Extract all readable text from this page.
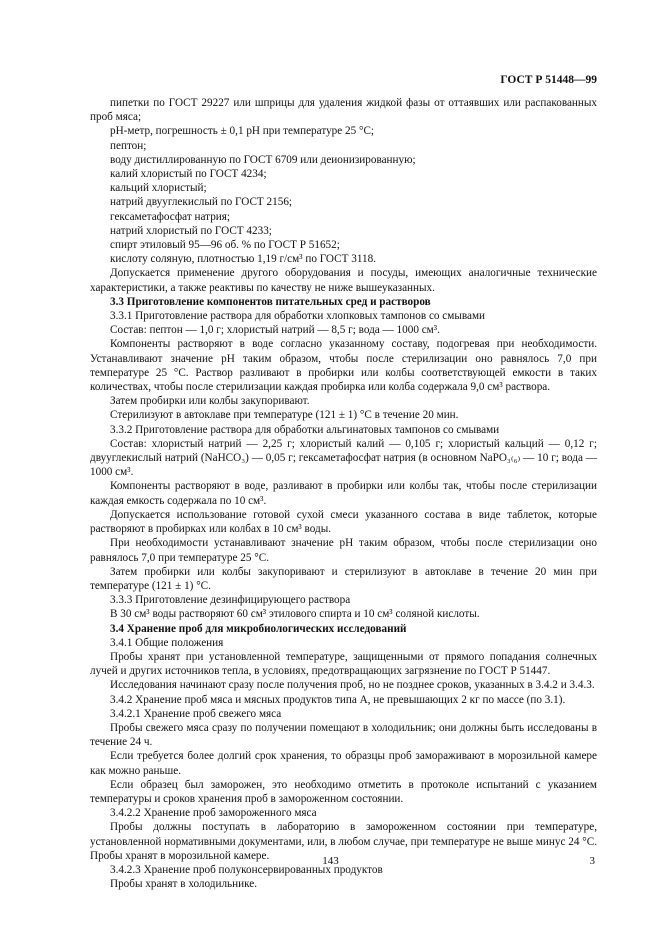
ГОСТ Р 51448—99

пипетки по ГОСТ 29227 или шприцы для удаления жидкой фазы от оттаявших или распакованных проб мяса;

pH-метр, погрешность ± 0,1 pH при температуре 25 °С;

пептон;

воду дистиллированную по ГОСТ 6709 или деионизированную;

калий хлористый по ГОСТ 4234;

кальций хлористый;

натрий двууглекислый по ГОСТ 2156;

гексаметафосфат натрия;

натрий хлористый по ГОСТ 4233;

спирт этиловый 95—96 об. % по ГОСТ Р 51652;

кислоту соляную, плотностью 1,19 г/см³ по ГОСТ 3118.

Допускается применение другого оборудования и посуды, имеющих аналогичные технические характеристики, а также реактивы по качеству не ниже вышеуказанных.

3.3 Приготовление компонентов питательных сред и растворов

3.3.1 Приготовление раствора для обработки хлопковых тампонов со смывами

Состав: пептон — 1,0 г; хлористый натрий — 8,5 г; вода — 1000 см³.

Компоненты растворяют в воде согласно указанному составу, подогревая при необходимости. Устанавливают значение pH таким образом, чтобы после стерилизации оно равнялось 7,0 при температуре 25 °С. Раствор разливают в пробирки или колбы соответствующей емкости в таких количествах, чтобы после стерилизации каждая пробирка или колба содержала 9,0 см³ раствора.

Затем пробирки или колбы закупоривают.

Стерилизуют в автоклаве при температуре (121 ± 1) °С в течение 20 мин.

3.3.2 Приготовление раствора для обработки альгинатовых тампонов со смывами

Состав: хлористый натрий — 2,25 г; хлористый калий — 0,105 г; хлористый кальций — 0,12 г; двууглекислый натрий (NaHCO₃) — 0,05 г; гексаметафосфат натрия (в основном NaPO₃₍₆₎ — 10 г; вода — 1000 см³.

Компоненты растворяют в воде, разливают в пробирки или колбы так, чтобы после стерилизации каждая емкость содержала по 10 см³.

Допускается использование готовой сухой смеси указанного состава в виде таблеток, которые растворяют в пробирках или колбах в 10 см³ воды.

При необходимости устанавливают значение pH таким образом, чтобы после стерилизации оно равнялось 7,0 при температуре 25 °С.

Затем пробирки или колбы закупоривают и стерилизуют в автоклаве в течение 20 мин при температуре (121 ± 1) °С.

3.3.3 Приготовление дезинфицирующего раствора

В 30 см³ воды растворяют 60 см³ этилового спирта и 10 см³ соляной кислоты.

3.4 Хранение проб для микробиологических исследований

3.4.1 Общие положения

Пробы хранят при установленной температуре, защищенными от прямого попадания солнечных лучей и других источников тепла, в условиях, предотвращающих загрязнение по ГОСТ Р 51447.

Исследования начинают сразу после получения проб, но не позднее сроков, указанных в 3.4.2 и 3.4.3.

3.4.2 Хранение проб мяса и мясных продуктов типа А, не превышающих 2 кг по массе (по 3.1).

3.4.2.1 Хранение проб свежего мяса

Пробы свежего мяса сразу по получении помещают в холодильник; они должны быть исследованы в течение 24 ч.

Если требуется более долгий срок хранения, то образцы проб замораживают в морозильной камере как можно раньше.

Если образец был заморожен, это необходимо отметить в протоколе испытаний с указанием температуры и сроков хранения проб в замороженном состоянии.

3.4.2.2 Хранение проб замороженного мяса

Пробы должны поступать в лабораторию в замороженном состоянии при температуре, установленной нормативными документами, или, в любом случае, при температуре не выше минус 24 °С. Пробы хранят в морозильной камере.

3.4.2.3 Хранение проб полуконсервированных продуктов

Пробы хранят в холодильнике.

143	3
